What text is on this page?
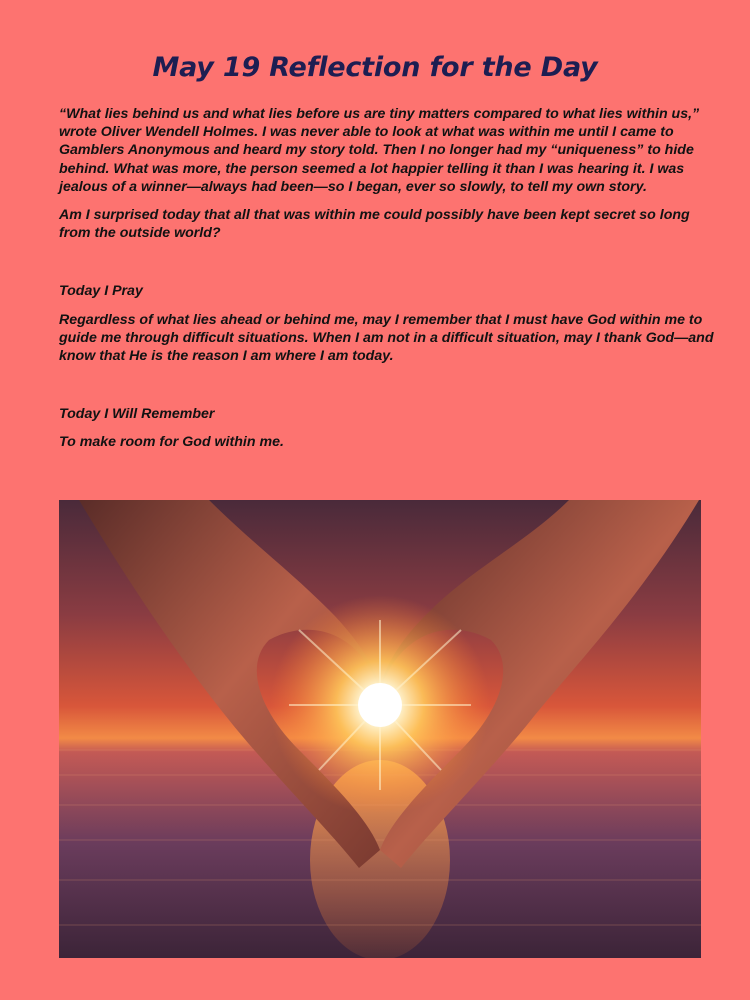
May 19 Reflection for the Day

“What lies behind us and what lies before us are tiny matters compared to what lies within us,” wrote Oliver Wendell Holmes. I was never able to look at what was within me until I came to Gamblers Anonymous and heard my story told. Then I no longer had my “uniqueness” to hide behind. What was more, the person seemed a lot happier telling it than I was hearing it. I was jealous of a winner—always had been—so I began, ever so slowly, to tell my own story.

Am I surprised today that all that was within me could possibly have been kept secret so long from the outside world?

Today I Pray

Regardless of what lies ahead or behind me, may I remember that I must have God within me to guide me through difficult situations. When I am not in a difficult situation, may I thank God—and know that He is the reason I am where I am today.

Today I Will Remember

To make room for God within me.
